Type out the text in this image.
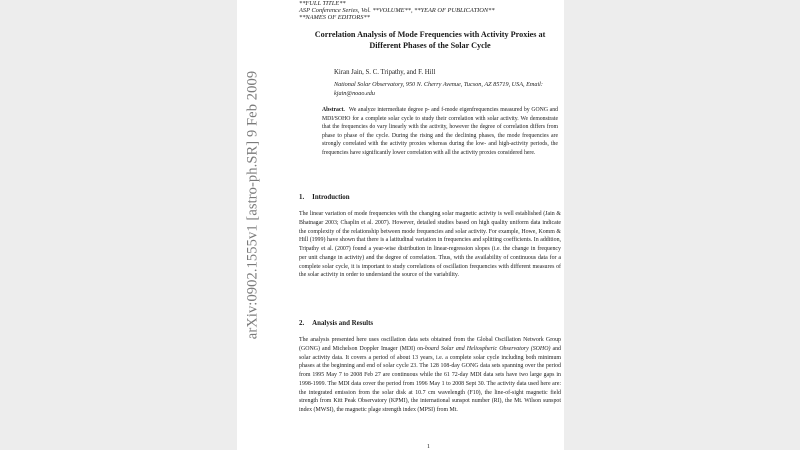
arXiv:0902.1555v1 [astro-ph.SR] 9 Feb 2009
**FULL TITLE**
ASP Conference Series, Vol. **VOLUME**, **YEAR OF PUBLICATION**
**NAMES OF EDITORS**
Correlation Analysis of Mode Frequencies with Activity Proxies at Different Phases of the Solar Cycle
Kiran Jain, S. C. Tripathy, and F. Hill
National Solar Observatory, 950 N. Cherry Avenue, Tucson, AZ 85719, USA, Email: kjain@noao.edu

Abstract. We analyze intermediate degree p- and f-mode eigenfrequencies measured by GONG and MDI/SOHO for a complete solar cycle to study their correlation with solar activity. We demonstrate that the frequencies do vary linearly with the activity, however the degree of correlation differs from phase to phase of the cycle. During the rising and the declining phases, the mode frequencies are strongly correlated with the activity proxies whereas during the low- and high-activity periods, the frequencies have significantly lower correlation with all the activity proxies considered here.

1. Introduction

The linear variation of mode frequencies with the changing solar magnetic activity is well established (Jain & Bhatnagar 2003; Chaplin et al. 2007). However, detailed studies based on high quality uniform data indicate the complexity of the relationship between mode frequencies and solar activity. For example, Howe, Komm & Hill (1999) have shown that there is a latitudinal variation in frequencies and splitting coefficients. In addition, Tripathy et al. (2007) found a year-wise distribution in linear-regression slopes (i.e. the change in frequency per unit change in activity) and the degree of correlation. Thus, with the availability of continuous data for a complete solar cycle, it is important to study correlations of oscillation frequencies with different measures of the solar activity in order to understand the source of the variability.

2. Analysis and Results

The analysis presented here uses oscillation data sets obtained from the Global Oscillation Network Group (GONG) and Michelson Doppler Imager (MDI) on-board Solar and Heliospheric Observatory (SOHO) and solar activity data. It covers a period of about 13 years, i.e. a complete solar cycle including both minimum phases at the beginning and end of solar cycle 23. The 128 108-day GONG data sets spanning over the period from 1995 May 7 to 2008 Feb 27 are continuous while the 61 72-day MDI data sets have two large gaps in 1998-1999. The MDI data cover the period from 1996 May 1 to 2008 Sept 30. The activity data used here are: the integrated emission from the solar disk at 10.7 cm wavelength (F10), the line-of-sight magnetic field strength from Kitt Peak Observatory (KPMI), the international sunspot number (RI), the Mt. Wilson sunspot index (MWSI), the magnetic plage strength index (MPSI) from Mt.

1
